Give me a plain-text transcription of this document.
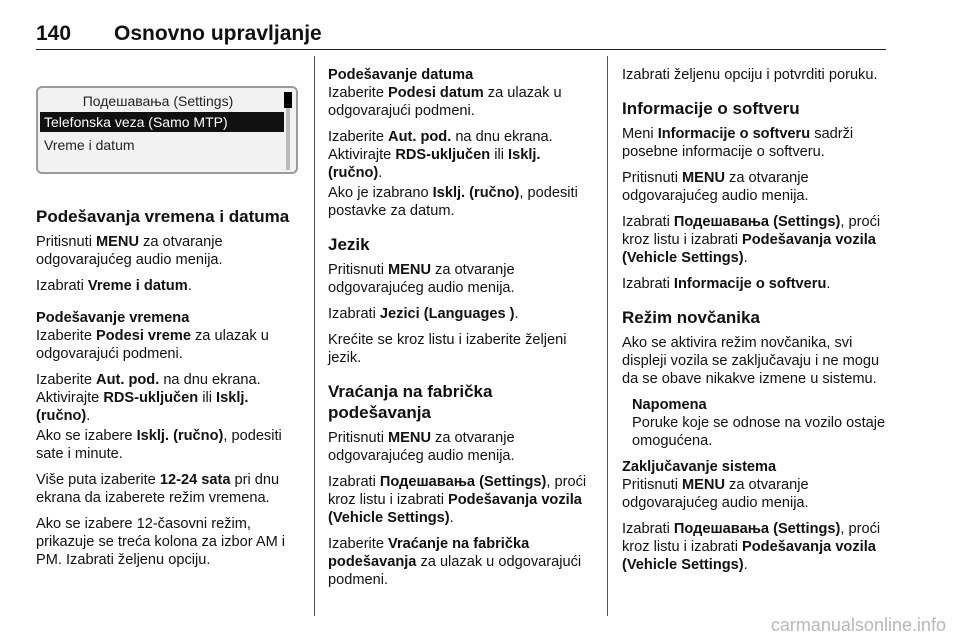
140 Osnovno upravljanje
Подешавања (Settings)
Telefonska veza (Samo MTP)
Vreme i datum
Podešavanja vremena i datuma

Pritisnuti MENU za otvaranje odgovarajućeg audio menija.

Izabrati Vreme i datum.

Podešavanje vremena

Izaberite Podesi vreme za ulazak u odgovarajući podmeni.

Izaberite Aut. pod. na dnu ekrana. Aktivirajte RDS-uključen ili Isklj. (ručno).

Ako se izabere Isklj. (ručno), podesiti sate i minute.

Više puta izaberite 12-24 sata pri dnu ekrana da izaberete režim vremena.

Ako se izabere 12-časovni režim, prikazuje se treća kolona za izbor AM i PM. Izabrati željenu opciju.

Podešavanje datuma

Izaberite Podesi datum za ulazak u odgovarajući podmeni.

Izaberite Aut. pod. na dnu ekrana. Aktivirajte RDS-uključen ili Isklj. (ručno).

Ako je izabrano Isklj. (ručno), podesiti postavke za datum.

Jezik

Pritisnuti MENU za otvaranje odgovarajućeg audio menija.

Izabrati Jezici (Languages ).

Krećite se kroz listu i izaberite željeni jezik.

Vraćanja na fabrička podešavanja

Pritisnuti MENU za otvaranje odgovarajućeg audio menija.

Izabrati Подешавања (Settings), proći kroz listu i izabrati Podešavanja vozila (Vehicle Settings).

Izaberite Vraćanje na fabrička podešavanja za ulazak u odgovarajući podmeni.

Izabrati željenu opciju i potvrditi poruku.

Informacije o softveru

Meni Informacije o softveru sadrži posebne informacije o softveru.

Pritisnuti MENU za otvaranje odgovarajućeg audio menija.

Izabrati Подешавања (Settings), proći kroz listu i izabrati Podešavanja vozila (Vehicle Settings).

Izabrati Informacije o softveru.

Režim novčanika

Ako se aktivira režim novčanika, svi displeji vozila se zaključavaju i ne mogu da se obave nikakve izmene u sistemu.

Napomena
Poruke koje se odnose na vozilo ostaje omogućena.
Zaključavanje sistema

Pritisnuti MENU za otvaranje odgovarajućeg audio menija.

Izabrati Подешавања (Settings), proći kroz listu i izabrati Podešavanja vozila (Vehicle Settings).

carmanualsonline.info
